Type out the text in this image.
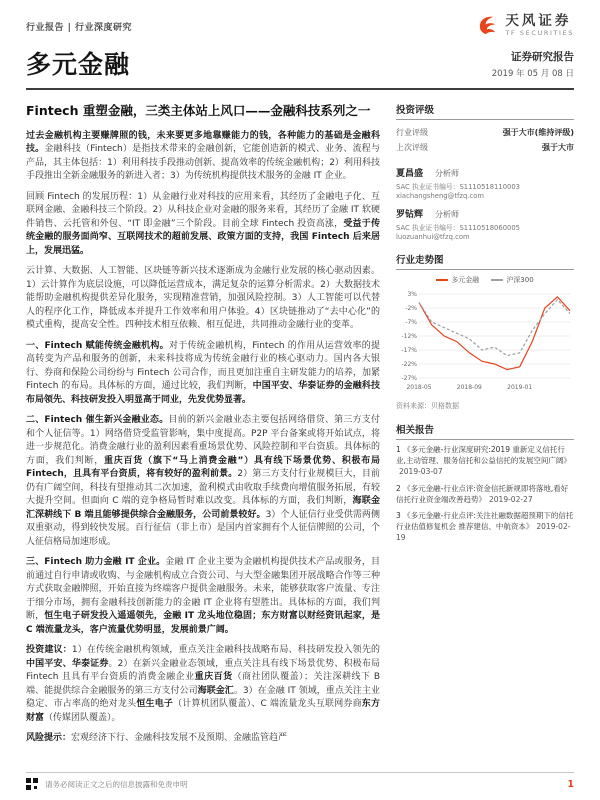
行业报告 | 行业深度研究	天风证券
TF SECURITIES
多元金融	证券研究报告
2019 年 05 月 08 日
Fintech 重塑金融，三类主体站上风口——金融科技系列之一

过去金融机构主要赚牌照的钱，未来要更多地靠赚能力的钱，各种能力的基础是金融科技。金融科技（Fintech）是指技术带来的金融创新，它能创造新的模式、业务、流程与产品，其主体包括：1）利用科技手段推动创新、提高效率的传统金融机构；2）利用科技手段推出全新金融服务的新进入者；3）为传统机构提供技术服务的金融 IT 企业。

回顾 Fintech 的发展历程：1）从金融行业对科技的应用来看，其经历了金融电子化、互联网金融、金融科技三个阶段。2）从科技企业对金融的服务来看，其经历了金融 IT 软硬件销售、云托管和外包、“IT 即金融”三个阶段。目前全球 Fintech 投资高涨，受益于传统金融的服务面尚窄、互联网技术的超前发展、政策方面的支持，我国 Fintech 后来居上，发展迅猛。

云计算、大数据、人工智能、区块链等新兴技术逐渐成为金融行业发展的核心驱动因素。1）云计算作为底层设施，可以降低运营成本，满足复杂的运算分析需求。2）大数据技术能帮助金融机构提供差异化服务，实现精准营销，加强风险控制。3）人工智能可以代替人的程序化工作，降低成本并提升工作效率和用户体验。4）区块链推动了“去中心化”的模式重构，提高安全性。四种技术相互依赖、相互促进，共同推动金融行业的变革。

一、Fintech 赋能传统金融机构。对于传统金融机构，Fintech 的作用从运营效率的提高转变为产品和服务的创新，未来科技将成为传统金融行业的核心驱动力。国内各大银行、券商和保险公司纷纷与 Fintech 公司合作，而且更加注重自主研发能力的培养，加紧 Fintech 的布局。具体标的方面，通过比较，我们判断，中国平安、华泰证券的金融科技布局领先、科技研发投入明显高于同业，先发优势显著。

二、Fintech 催生新兴金融业态。目前的新兴金融业态主要包括网络借贷、第三方支付和个人征信等。1）网络借贷受监管影响，集中度提高。P2P 平台备案或将开始试点，将进一步规范化。消费金融行业的盈利因素看重场景优势、风险控制和平台资质。具体标的方面，我们判断，重庆百货（旗下“马上消费金融”）具有线下场景优势、积极布局 Fintech，且具有平台资质，将有较好的盈利前景。2）第三方支付行业规模巨大，目前仍有广阔空间，科技有望推动其二次加速，盈利模式由收取手续费向增值服务拓展，有较大提升空间。但面向 C 端的竞争格局暂时难以改变。具体标的方面，我们判断，海联金汇深耕线下 B 端且能够提供综合金融服务，公司前景较好。3）个人征信行业受供需两侧双重驱动，得到较快发展。百行征信（非上市）是国内首家拥有个人征信牌照的公司，个人征信格局加速形成。

三、Fintech 助力金融 IT 企业。金融 IT 企业主要为金融机构提供技术产品或服务，目前通过自行申请或收购、与金融机构成立合资公司、与大型金融集团开展战略合作等三种方式获取金融牌照，开始直接为终端客户提供金融服务。未来，能够获取客户流量、专注于细分市场，拥有金融科技创新能力的金融 IT 企业将有望胜出。具体标的方面，我们判断，恒生电子研发投入遥遥领先，金融 IT 龙头地位稳固；东方财富以财经资讯起家，是 C 端流量龙头，客户流量优势明显，发展前景广阔。

投资建议：1）在传统金融机构领域，重点关注金融科技战略布局、科技研发投入领先的中国平安、华泰证券。2）在新兴金融业态领域，重点关注具有线下场景优势、积极布局 Fintech 且具有平台资质的消费金融企业重庆百货（商社团队覆盖）；关注深耕线下 B 端、能提供综合金融服务的第三方支付公司海联金汇。3）在金融 IT 领域，重点关注主业稳定、市占率高的绝对龙头恒生电子（计算机团队覆盖）、C 端流量龙头互联网券商东方财富（传媒团队覆盖）。

风险提示：宏观经济下行、金融科技发展不及预期、金融监管趋严

投资评级
行业评级	强于大市(维持评级)
上次评级	强于大市
夏昌盛 分析师
SAC 执业证书编号：S1110518110003
xiachangsheng@tfzq.com
罗钻辉 分析师
SAC 执业证书编号：S1110518060005
luozuanhui@tfzq.com
行业走势图
多元金融	沪深300
3%
-2%
-7%
-12%
-17%
-22%
-27%
2018-05	2018-09	2019-01
资料来源：贝格数据
相关报告
1 《多元金融-行业深度研究:2019 重新定义信托行业,主动管理、服务信托和公益信托的发展空间广阔》2019-03-07
2 《多元金融-行业点评:资金信托新规即将落地,看好信托行业资金端改善趋势》 2019-02-27
3 《多元金融-行业点评:关注社融数据超预期下的信托行业估值修复机会 推荐建信、中航资本》 2019-02-19
请务必阅读正文之后的信息披露和免责申明	1
